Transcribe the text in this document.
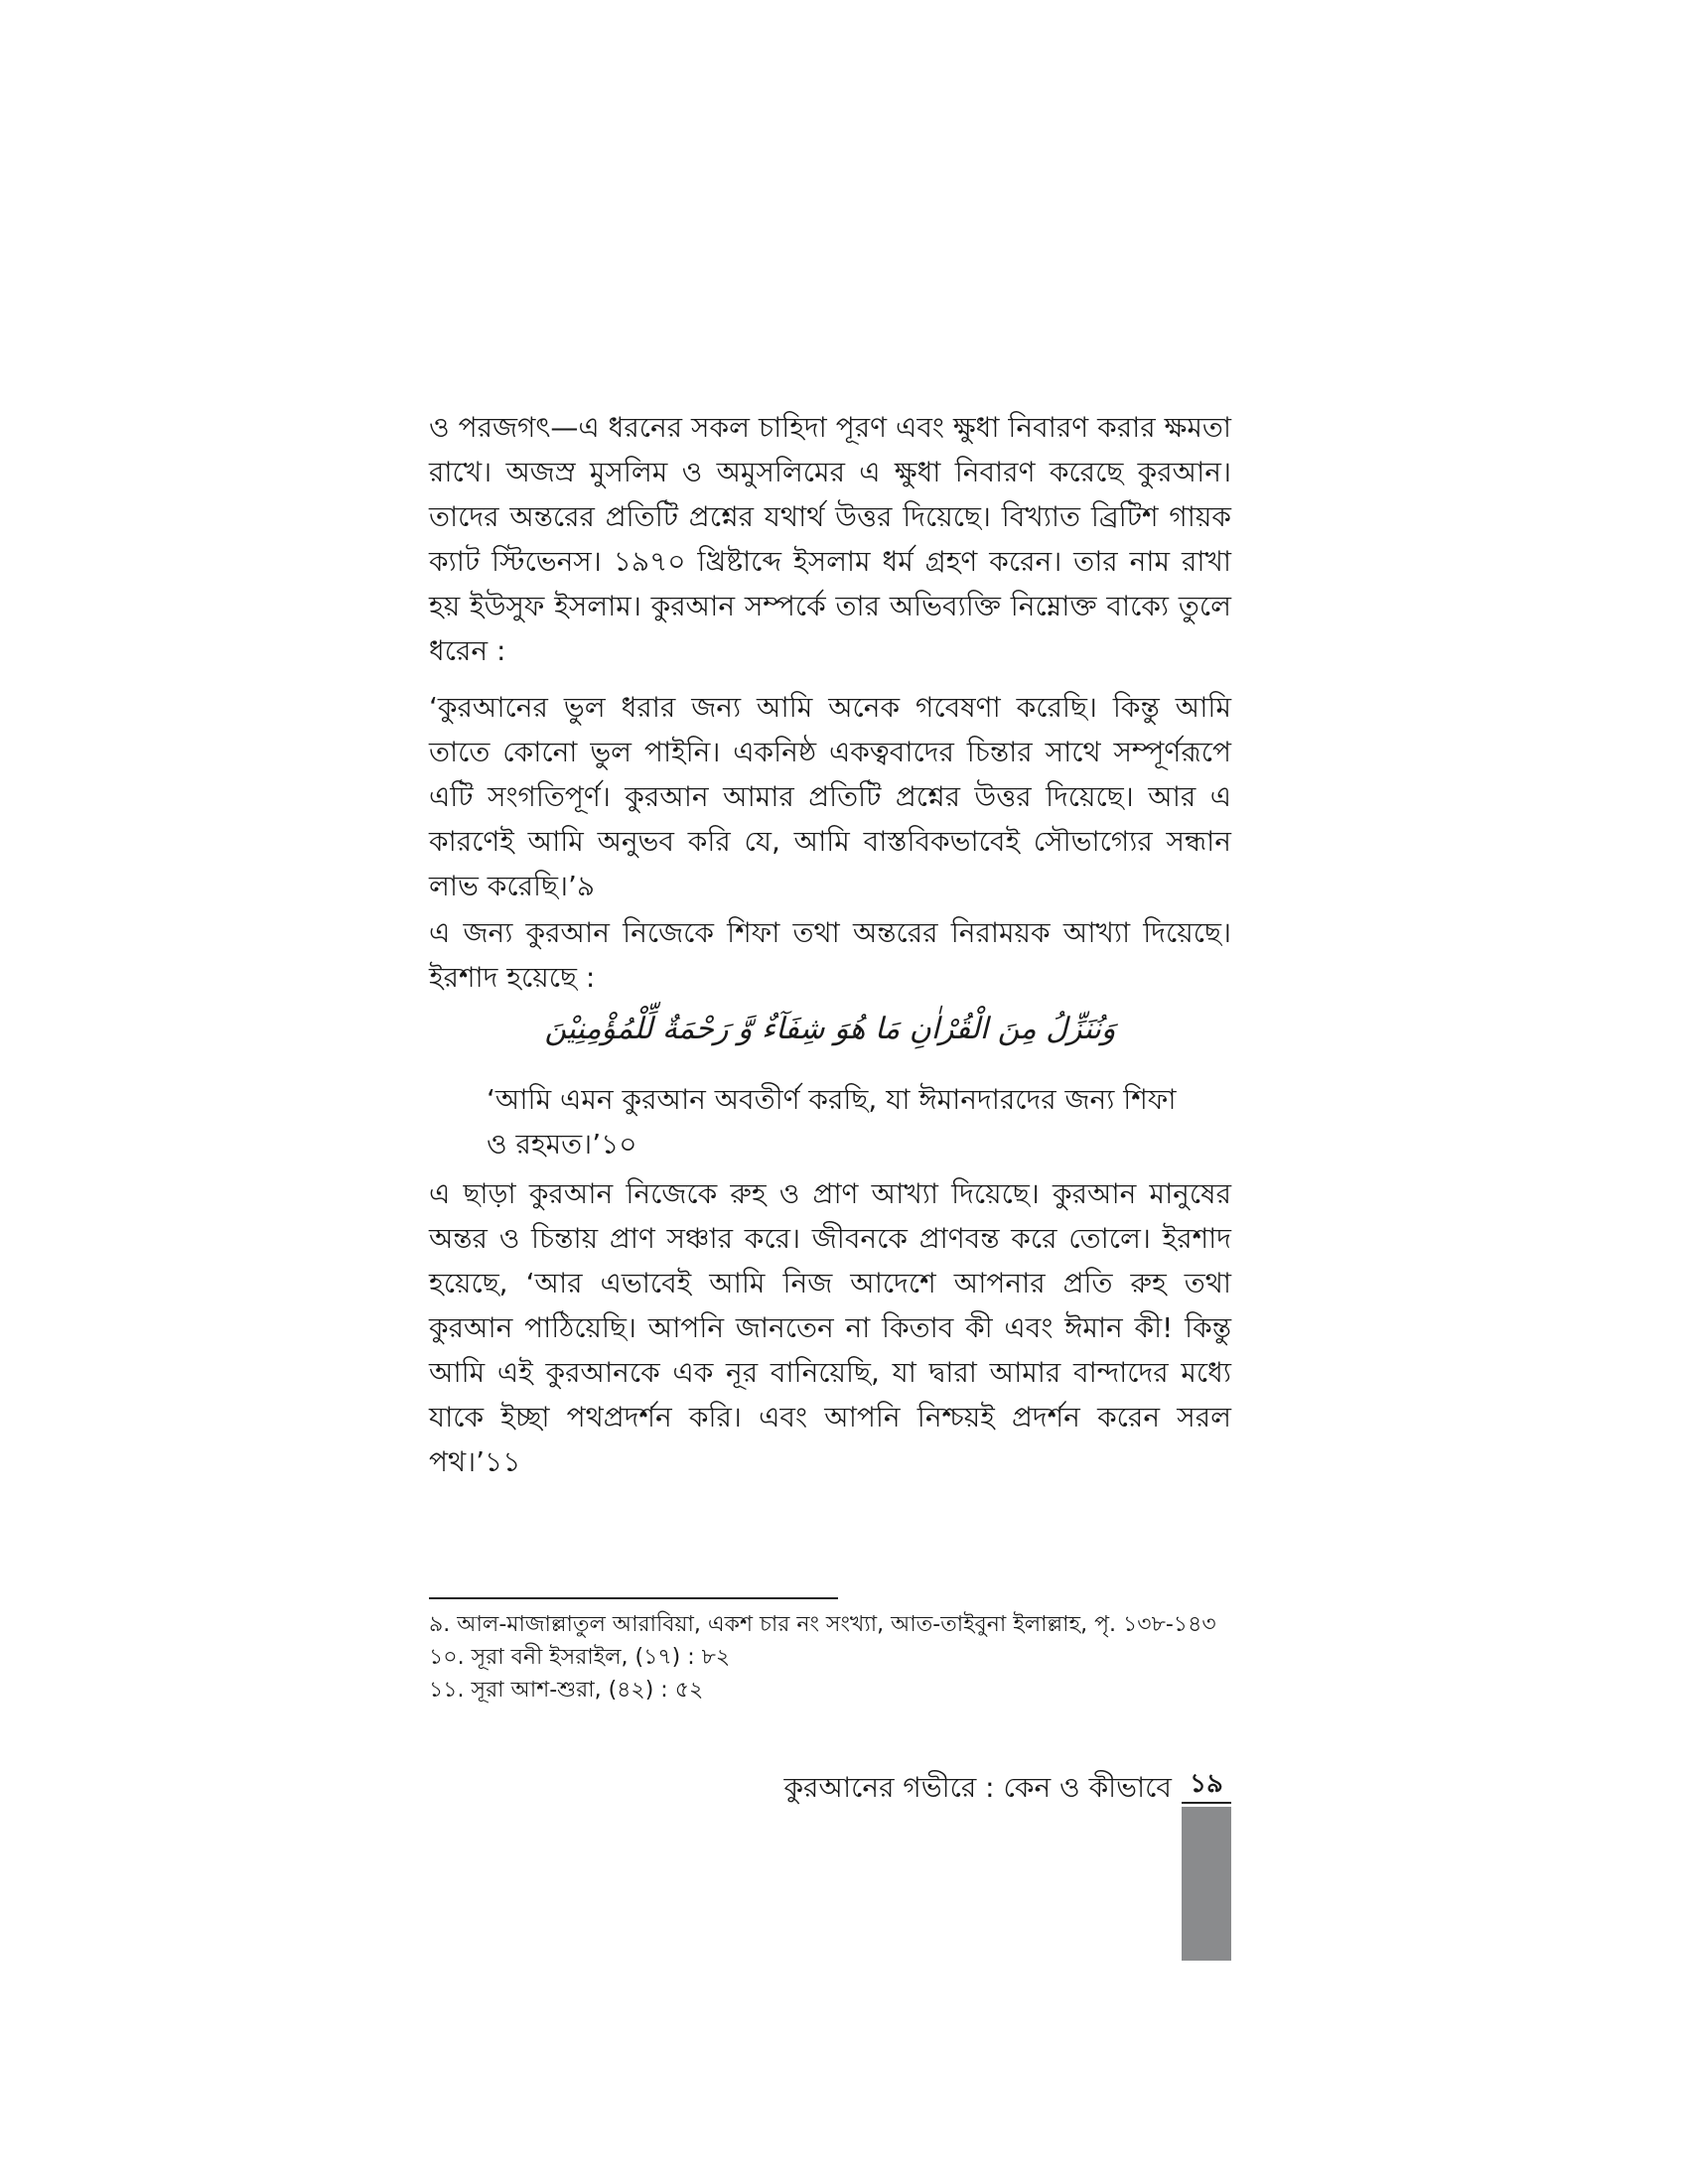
ও পরজগৎ—এ ধরনের সকল চাহিদা পূরণ এবং ক্ষুধা নিবারণ করার ক্ষমতা রাখে। অজস্র মুসলিম ও অমুসলিমের এ ক্ষুধা নিবারণ করেছে কুরআন। তাদের অন্তরের প্রতিটি প্রশ্নের যথার্থ উত্তর দিয়েছে। বিখ্যাত ব্রিটিশ গায়ক ক্যাট স্টিভেনস। ১৯৭০ খ্রিষ্টাব্দে ইসলাম ধর্ম গ্রহণ করেন। তার নাম রাখা হয় ইউসুফ ইসলাম। কুরআন সম্পর্কে তার অভিব্যক্তি নিম্নোক্ত বাক্যে তুলে ধরেন :

‘কুরআনের ভুল ধরার জন্য আমি অনেক গবেষণা করেছি। কিন্তু আমি তাতে কোনো ভুল পাইনি। একনিষ্ঠ একত্ববাদের চিন্তার সাথে সম্পূর্ণরূপে এটি সংগতিপূর্ণ। কুরআন আমার প্রতিটি প্রশ্নের উত্তর দিয়েছে। আর এ কারণেই আমি অনুভব করি যে, আমি বাস্তবিকভাবেই সৌভাগ্যের সন্ধান লাভ করেছি।’৯

এ জন্য কুরআন নিজেকে শিফা তথা অন্তরের নিরাময়ক আখ্যা দিয়েছে। ইরশাদ হয়েছে :

وَنُنَزِّلُ مِنَ الْقُرْاٰنِ مَا هُوَ شِفَآءٌ وَّ رَحْمَةٌ لِّلْمُؤْمِنِيْنَ

‘আমি এমন কুরআন অবতীর্ণ করছি, যা ঈমানদারদের জন্য শিফা ও রহমত।’১০

এ ছাড়া কুরআন নিজেকে রুহ ও প্রাণ আখ্যা দিয়েছে। কুরআন মানুষের অন্তর ও চিন্তায় প্রাণ সঞ্চার করে। জীবনকে প্রাণবন্ত করে তোলে। ইরশাদ হয়েছে, ‘আর এভাবেই আমি নিজ আদেশে আপনার প্রতি রুহ তথা কুরআন পাঠিয়েছি। আপনি জানতেন না কিতাব কী এবং ঈমান কী! কিন্তু আমি এই কুরআনকে এক নূর বানিয়েছি, যা দ্বারা আমার বান্দাদের মধ্যে যাকে ইচ্ছা পথপ্রদর্শন করি। এবং আপনি নিশ্চয়ই প্রদর্শন করেন সরল পথ।’১১

৯. আল-মাজাল্লাতুল আরাবিয়া, একশ চার নং সংখ্যা, আত-তাইবুনা ইলাল্লাহ, পৃ. ১৩৮-১৪৩

১০. সূরা বনী ইসরাইল, (১৭) : ৮২

১১. সূরা আশ-শুরা, (৪২) : ৫২

কুরআনের গভীরে : কেন ও কীভাবে ১৯
